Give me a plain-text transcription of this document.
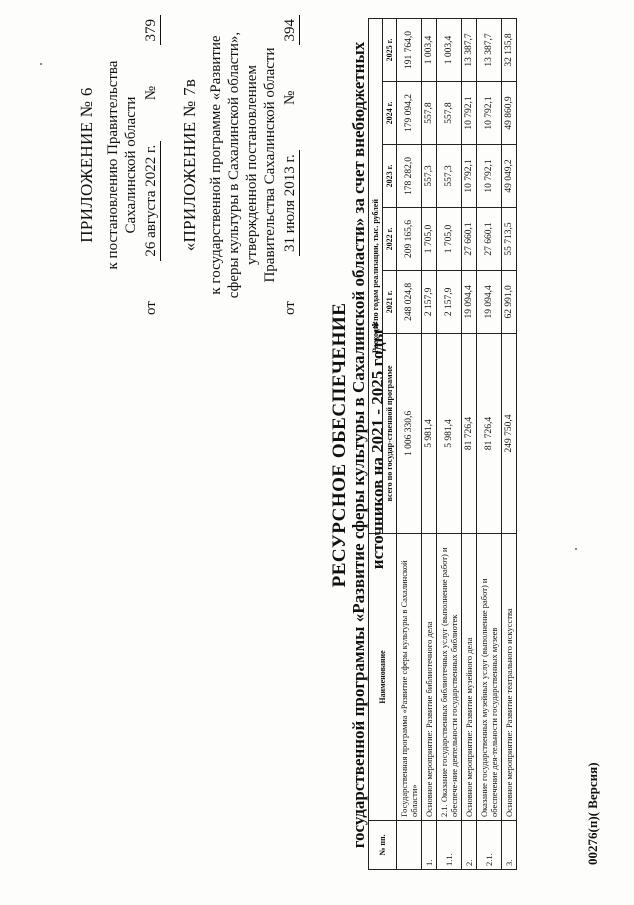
ПРИЛОЖЕНИЕ № 6 к постановлению Правительства Сахалинской области
от
26 августа 2022 г.
№
379
«ПРИЛОЖЕНИЕ № 7в к государственной программе «Развитие сферы культуры в Сахалинской области», утвержденной постановлением Правительства Сахалинской области
от
31 июля 2013 г.
№
394
РЕСУРСНОЕ ОБЕСПЕЧЕНИЕ государственной программы «Развитие сферы культуры в Сахалинской области» за счет внебюджетных источников на 2021 - 2025 годы*
№ пп.	Наименование	Расходы по годам реализации, тыс. рублей					
		всего по государ-ственной программе	2021 г.	2022 г.	2023 г.	2024 г.	2025 г.
	Государственная программа «Развитие сферы культуры в Сахалинской области»	1 006 330,6	248 024,8	209 165,6	178 282,0	179 094,2	191 764,0
1.	Основное мероприятие: Развитие библиотечного дела	5 981,4	2 157,9	1 705,0	557,3	557,8	1 003,4
1.1.	2.1. Оказание государственных библиотечных услуг (выполнение работ) и обеспече-ние деятельности государственных библиотек	5 981,4	2 157,9	1 705,0	557,3	557,8	1 003,4
2.	Основное мероприятие: Развитие музейного дела	81 726,4	19 094,4	27 660,1	10 792,1	10 792,1	13 387,7
2.1.	Оказание государственных музейных услуг (выполнение работ) и обеспечение дея-тельности государственных музеев	81 726,4	19 094,4	27 660,1	10 792,1	10 792,1	13 387,7
3.	Основное мероприятие: Развитие театрального искусства	249 750,4	62 991,0	55 713,5	49 049,2	49 860,9	32 135,8
00276(п)( Версия)
